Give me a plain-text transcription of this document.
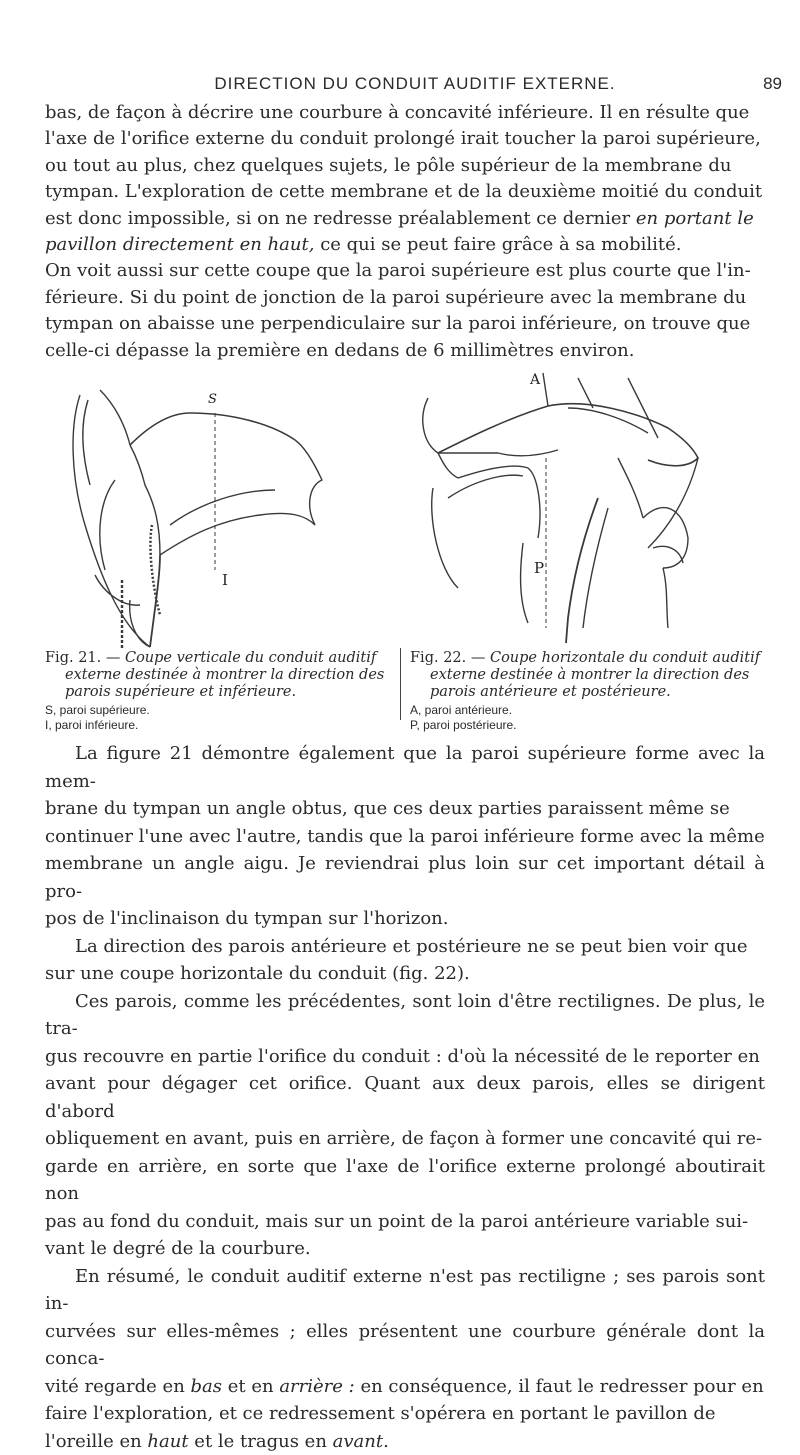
DIRECTION DU CONDUIT AUDITIF EXTERNE.	89
bas, de façon à décrire une courbure à concavité inférieure. Il en résulte que
l'axe de l'orifice externe du conduit prolongé irait toucher la paroi supérieure,
ou tout au plus, chez quelques sujets, le pôle supérieur de la membrane du
tympan. L'exploration de cette membrane et de la deuxième moitié du conduit
est donc impossible, si on ne redresse préalablement ce dernier en portant le
pavillon directement en haut, ce qui se peut faire grâce à sa mobilité.
On voit aussi sur cette coupe que la paroi supérieure est plus courte que l'in-
férieure. Si du point de jonction de la paroi supérieure avec la membrane du
tympan on abaisse une perpendiculaire sur la paroi inférieure, on trouve que
celle-ci dépasse la première en dedans de 6 millimètres environ.
S
I
A
P
Fig. 21. — Coupe verticale du conduit auditif
externe destinée à montrer la direction des
parois supérieure et inférieure.
S, paroi supérieure.
I, paroi inférieure.
Fig. 22. — Coupe horizontale du conduit auditif
externe destinée à montrer la direction des
parois antérieure et postérieure.
A, paroi antérieure.
P, paroi postérieure.
La figure 21 démontre également que la paroi supérieure forme avec la mem-
brane du tympan un angle obtus, que ces deux parties paraissent même se
continuer l'une avec l'autre, tandis que la paroi inférieure forme avec la même
membrane un angle aigu. Je reviendrai plus loin sur cet important détail à pro-
pos de l'inclinaison du tympan sur l'horizon.
La direction des parois antérieure et postérieure ne se peut bien voir que
sur une coupe horizontale du conduit (fig. 22).
Ces parois, comme les précédentes, sont loin d'être rectilignes. De plus, le tra-
gus recouvre en partie l'orifice du conduit : d'où la nécessité de le reporter en
avant pour dégager cet orifice. Quant aux deux parois, elles se dirigent d'abord
obliquement en avant, puis en arrière, de façon à former une concavité qui re-
garde en arrière, en sorte que l'axe de l'orifice externe prolongé aboutirait non
pas au fond du conduit, mais sur un point de la paroi antérieure variable sui-
vant le degré de la courbure.
En résumé, le conduit auditif externe n'est pas rectiligne ; ses parois sont in-
curvées sur elles-mêmes ; elles présentent une courbure générale dont la conca-
vité regarde en bas et en arrière : en conséquence, il faut le redresser pour en
faire l'exploration, et ce redressement s'opérera en portant le pavillon de
l'oreille en haut et le tragus en avant.
